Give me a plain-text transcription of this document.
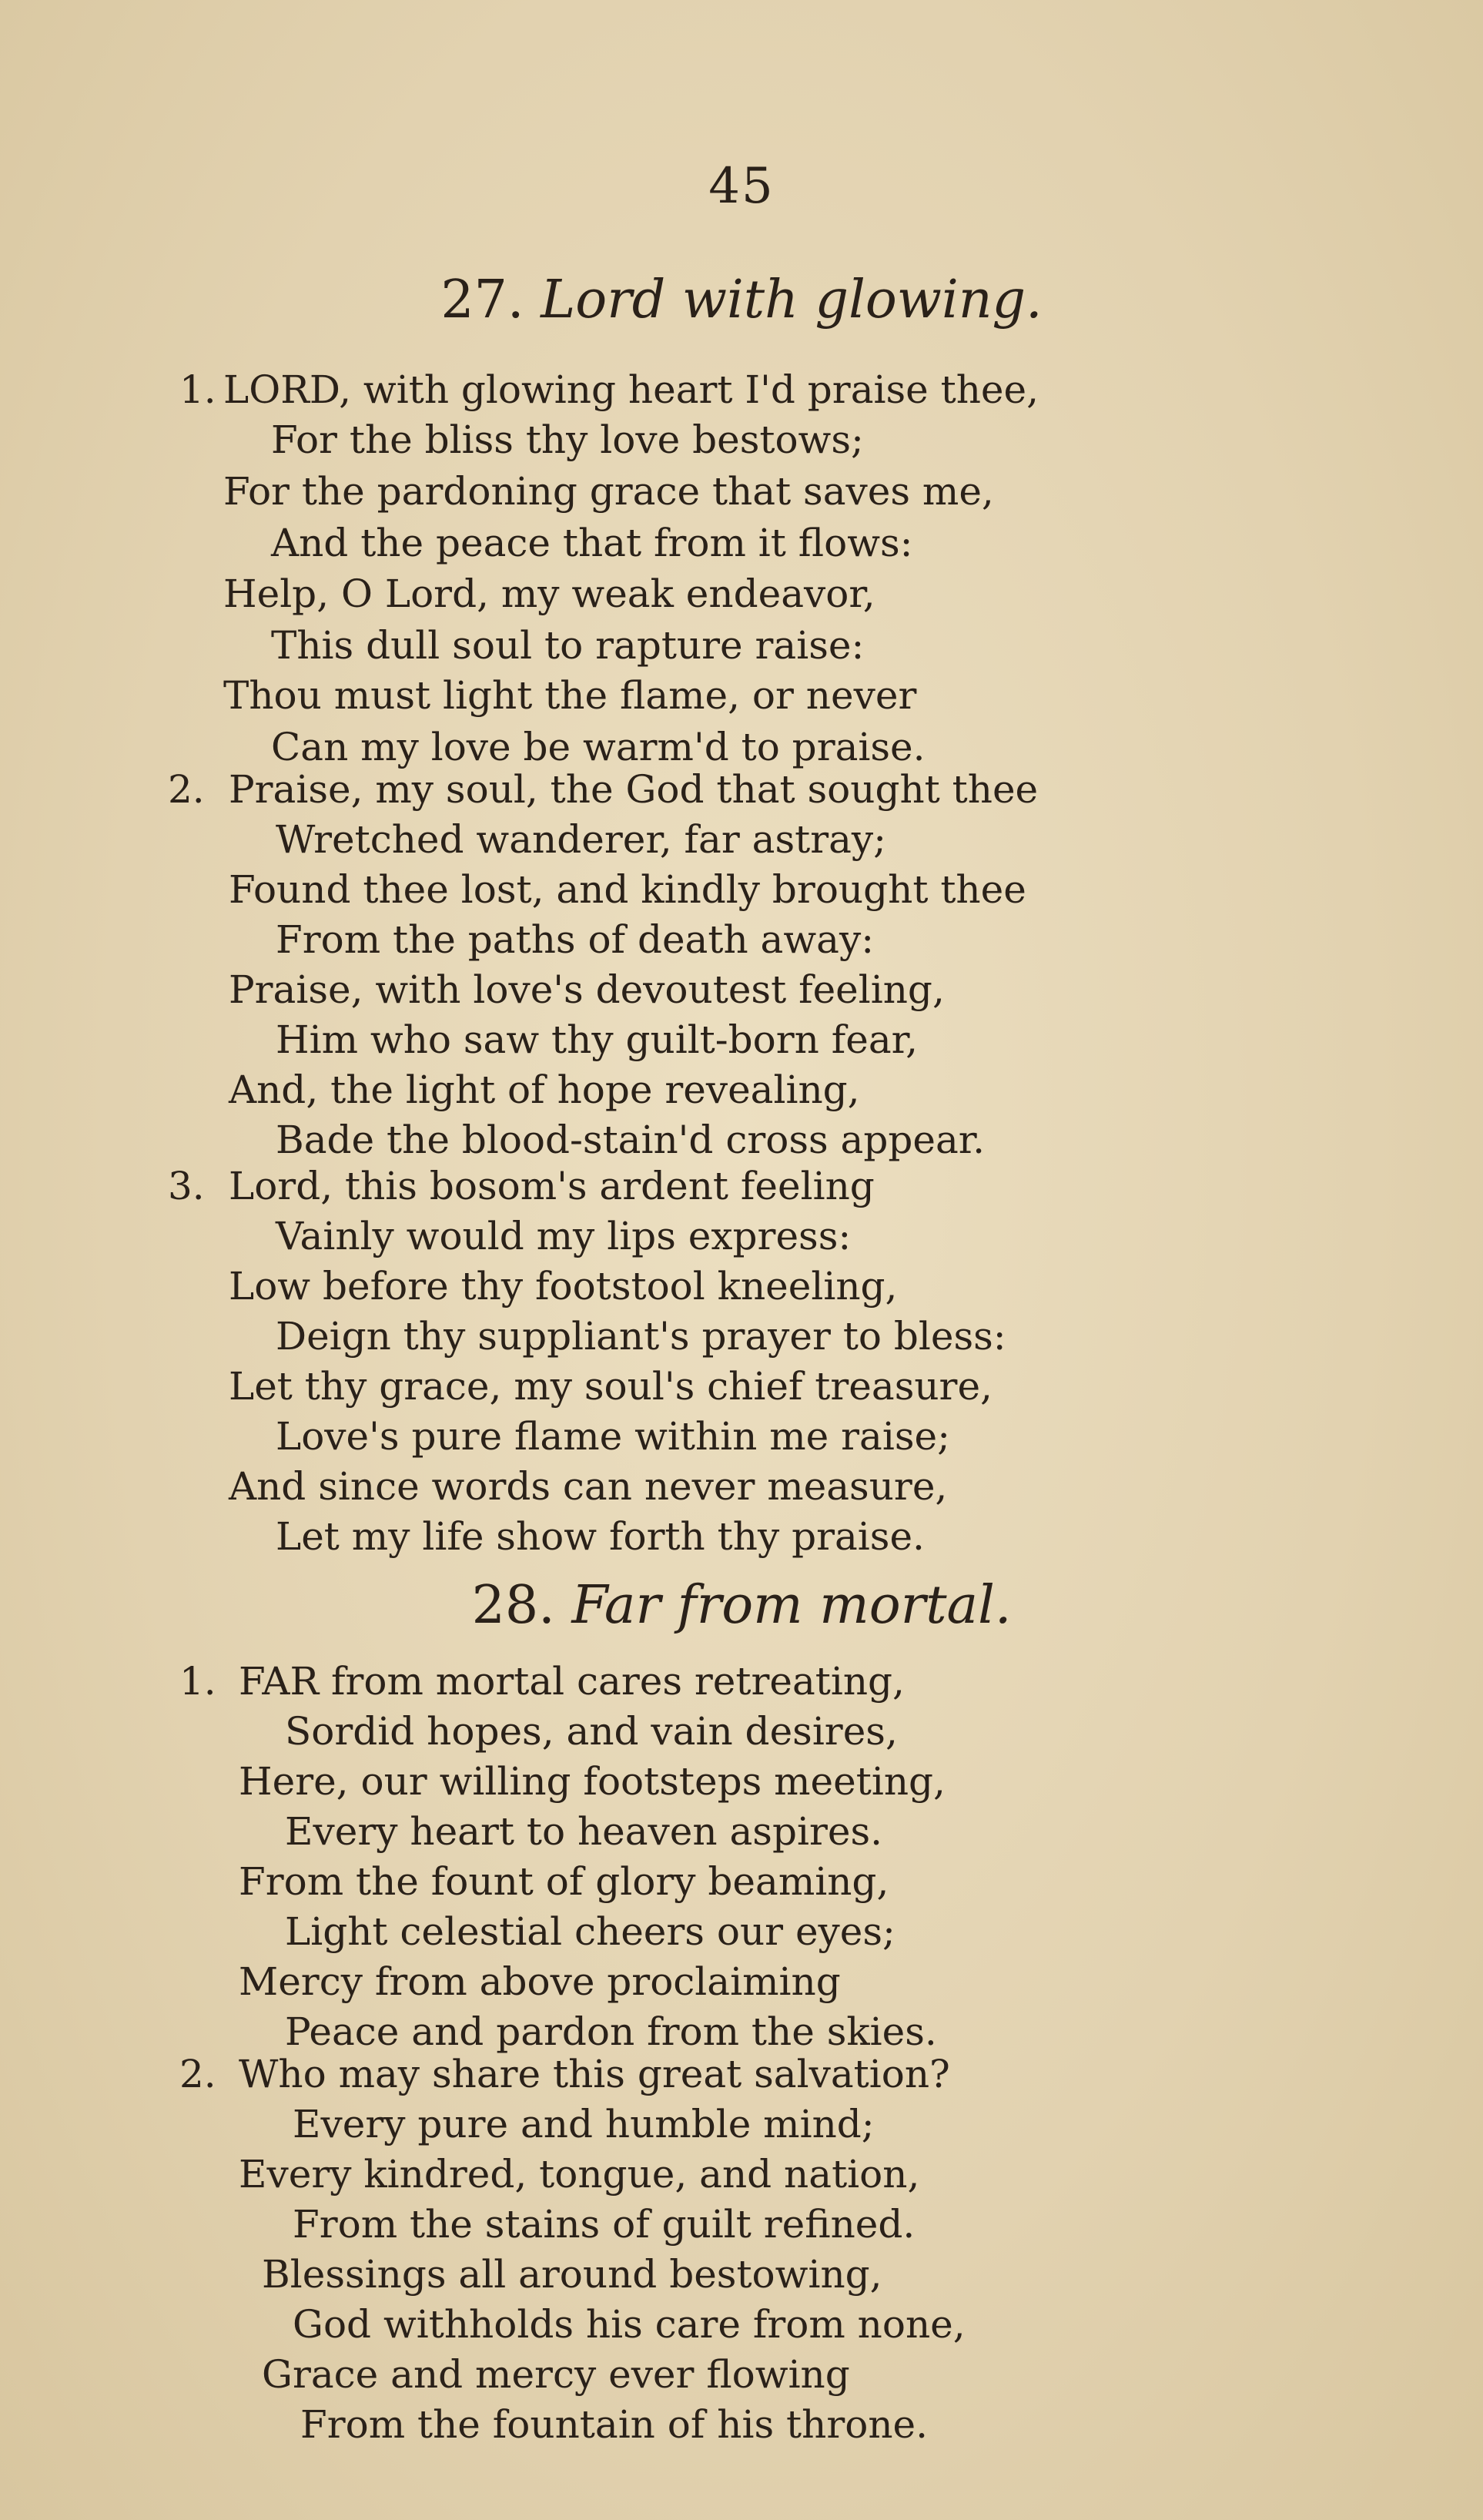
45
27. Lord with glowing.
1. LORD, with glowing heart I'd praise thee,
For the bliss thy love bestows;
For the pardoning grace that saves me,
And the peace that from it flows:
Help, O Lord, my weak endeavor,
This dull soul to rapture raise:
Thou must light the flame, or never
Can my love be warm'd to praise.
2. Praise, my soul, the God that sought thee
Wretched wanderer, far astray;
Found thee lost, and kindly brought thee
From the paths of death away:
Praise, with love's devoutest feeling,
Him who saw thy guilt-born fear,
And, the light of hope revealing,
Bade the blood-stain'd cross appear.
3. Lord, this bosom's ardent feeling
Vainly would my lips express:
Low before thy footstool kneeling,
Deign thy suppliant's prayer to bless:
Let thy grace, my soul's chief treasure,
Love's pure flame within me raise;
And since words can never measure,
Let my life show forth thy praise.
28. Far from mortal.
1. FAR from mortal cares retreating,
Sordid hopes, and vain desires,
Here, our willing footsteps meeting,
Every heart to heaven aspires.
From the fount of glory beaming,
Light celestial cheers our eyes;
Mercy from above proclaiming
Peace and pardon from the skies.
2. Who may share this great salvation?
Every pure and humble mind;
Every kindred, tongue, and nation,
From the stains of guilt refined.
Blessings all around bestowing,
God withholds his care from none,
Grace and mercy ever flowing
From the fountain of his throne.
